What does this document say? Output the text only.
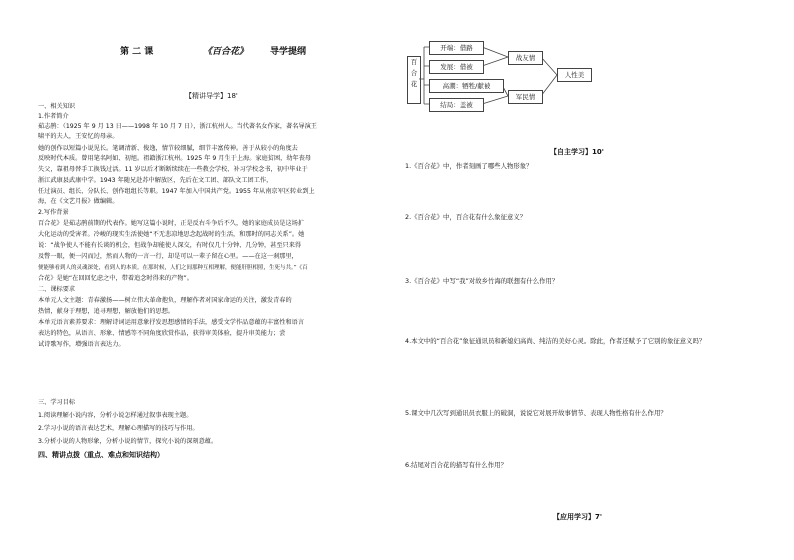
第 二 课	《百合花》 导学提纲
【精讲导学】18'
一、相关知识
1.作者简介
茹志鹃：（1925 年 9 月 13 日——1998 年 10 月 7 日），浙江杭州人。当代著名女作家，著名导演王
啸平的夫人，王安忆的母亲。
她的创作以短篇小说见长。笔调清新、俊逸，情节较细腻，细节丰富传神。善于从较小的角度去
反映时代本质。曾用笔名阿如、初旭。祖籍浙江杭州。1925 年 9 月生于上海。家庭贫困，幼年丧母
失父，靠祖母替手工换钱过活。11 岁以后才断断续续在一些教会学校、补习学校念书，初中毕业于
浙江武康县武康中学。1943 年随兄赴苏中解放区，先后在文工团、部队文工团工作，
任过演员、组长、分队长、创作组组长等职。1947 年加入中国共产党。1955 年从南京军区转业到上
海，在《文艺月报》做编辑。
2.写作背景
百合花》是茹志鹃前期的代表作。她写这篇小说时，正是反右斗争后不久，她的家庭成员是这场扩
大化运动的受害者。冷峻的现实生活使她“不无悲凉地思念起战时的生活，和那时的同志关系”。她
说：“战争使人不能有长谈的机会，但战争却能使人深交，有时仅几十分钟、几分钟，甚至只来得
及瞥一眼，便一闪而过，然而人物的一言一行，却是可以一辈子留在心里。——在这一刹那里，
便能够看到人的灵魂深处，看到人的本质。在那时候，人们之间那种互相理解，便能肝胆相照，生死与共。”《百
合花》是她“在回回忆虑之中，带着追念时得来的产物”。
二、课标要求
本单元人文主题：青春激扬——树立伟大革命抱负，理解作者对国家命运的关注，激发青春的
热情，献身于理想，追寻理想，解放他们的思想。
本单元语言素养要求：理解诗词运用意象抒发思想感情的手法，感受文学作品意蕴的丰富性和语言
表达的特色，从语言、形象、情感等不同角度欣赏作品，获得审美体验，提升审美能力；尝
试诗歌写作，增强语言表达力。
三、学习目标
1.阅读理解小说内容，分析小说怎样通过叙事表现主题。
2.学习小说的语言表达艺术，理解心理描写的技巧与作用。
3.分析小说的人物形象，分析小说的情节，探究小说的深刻意蕴。
四、精讲点拨（重点、难点和知识结构）
百合花
开端：借路
发展：借被
高潮：牺牲/献被
结局：盖被
战友情
军民情
人性美
【自主学习】10'
1.《百合花》中，作者刻画了哪些人物形象？
2.《百合花》中，百合花有什么象征意义？
3.《百合花》中写“我”对故乡竹海的联想有什么作用？
4.本文中的“百合花”象征通讯员和新媳妇高尚、纯洁的美好心灵。除此，作者还赋予了它别的象征意义吗？
5.课文中几次写到通讯员衣服上的破洞，说说它对展开故事情节、表现人物性格有什么作用？
6.结尾对百合花的描写有什么作用？
【应用学习】7'
